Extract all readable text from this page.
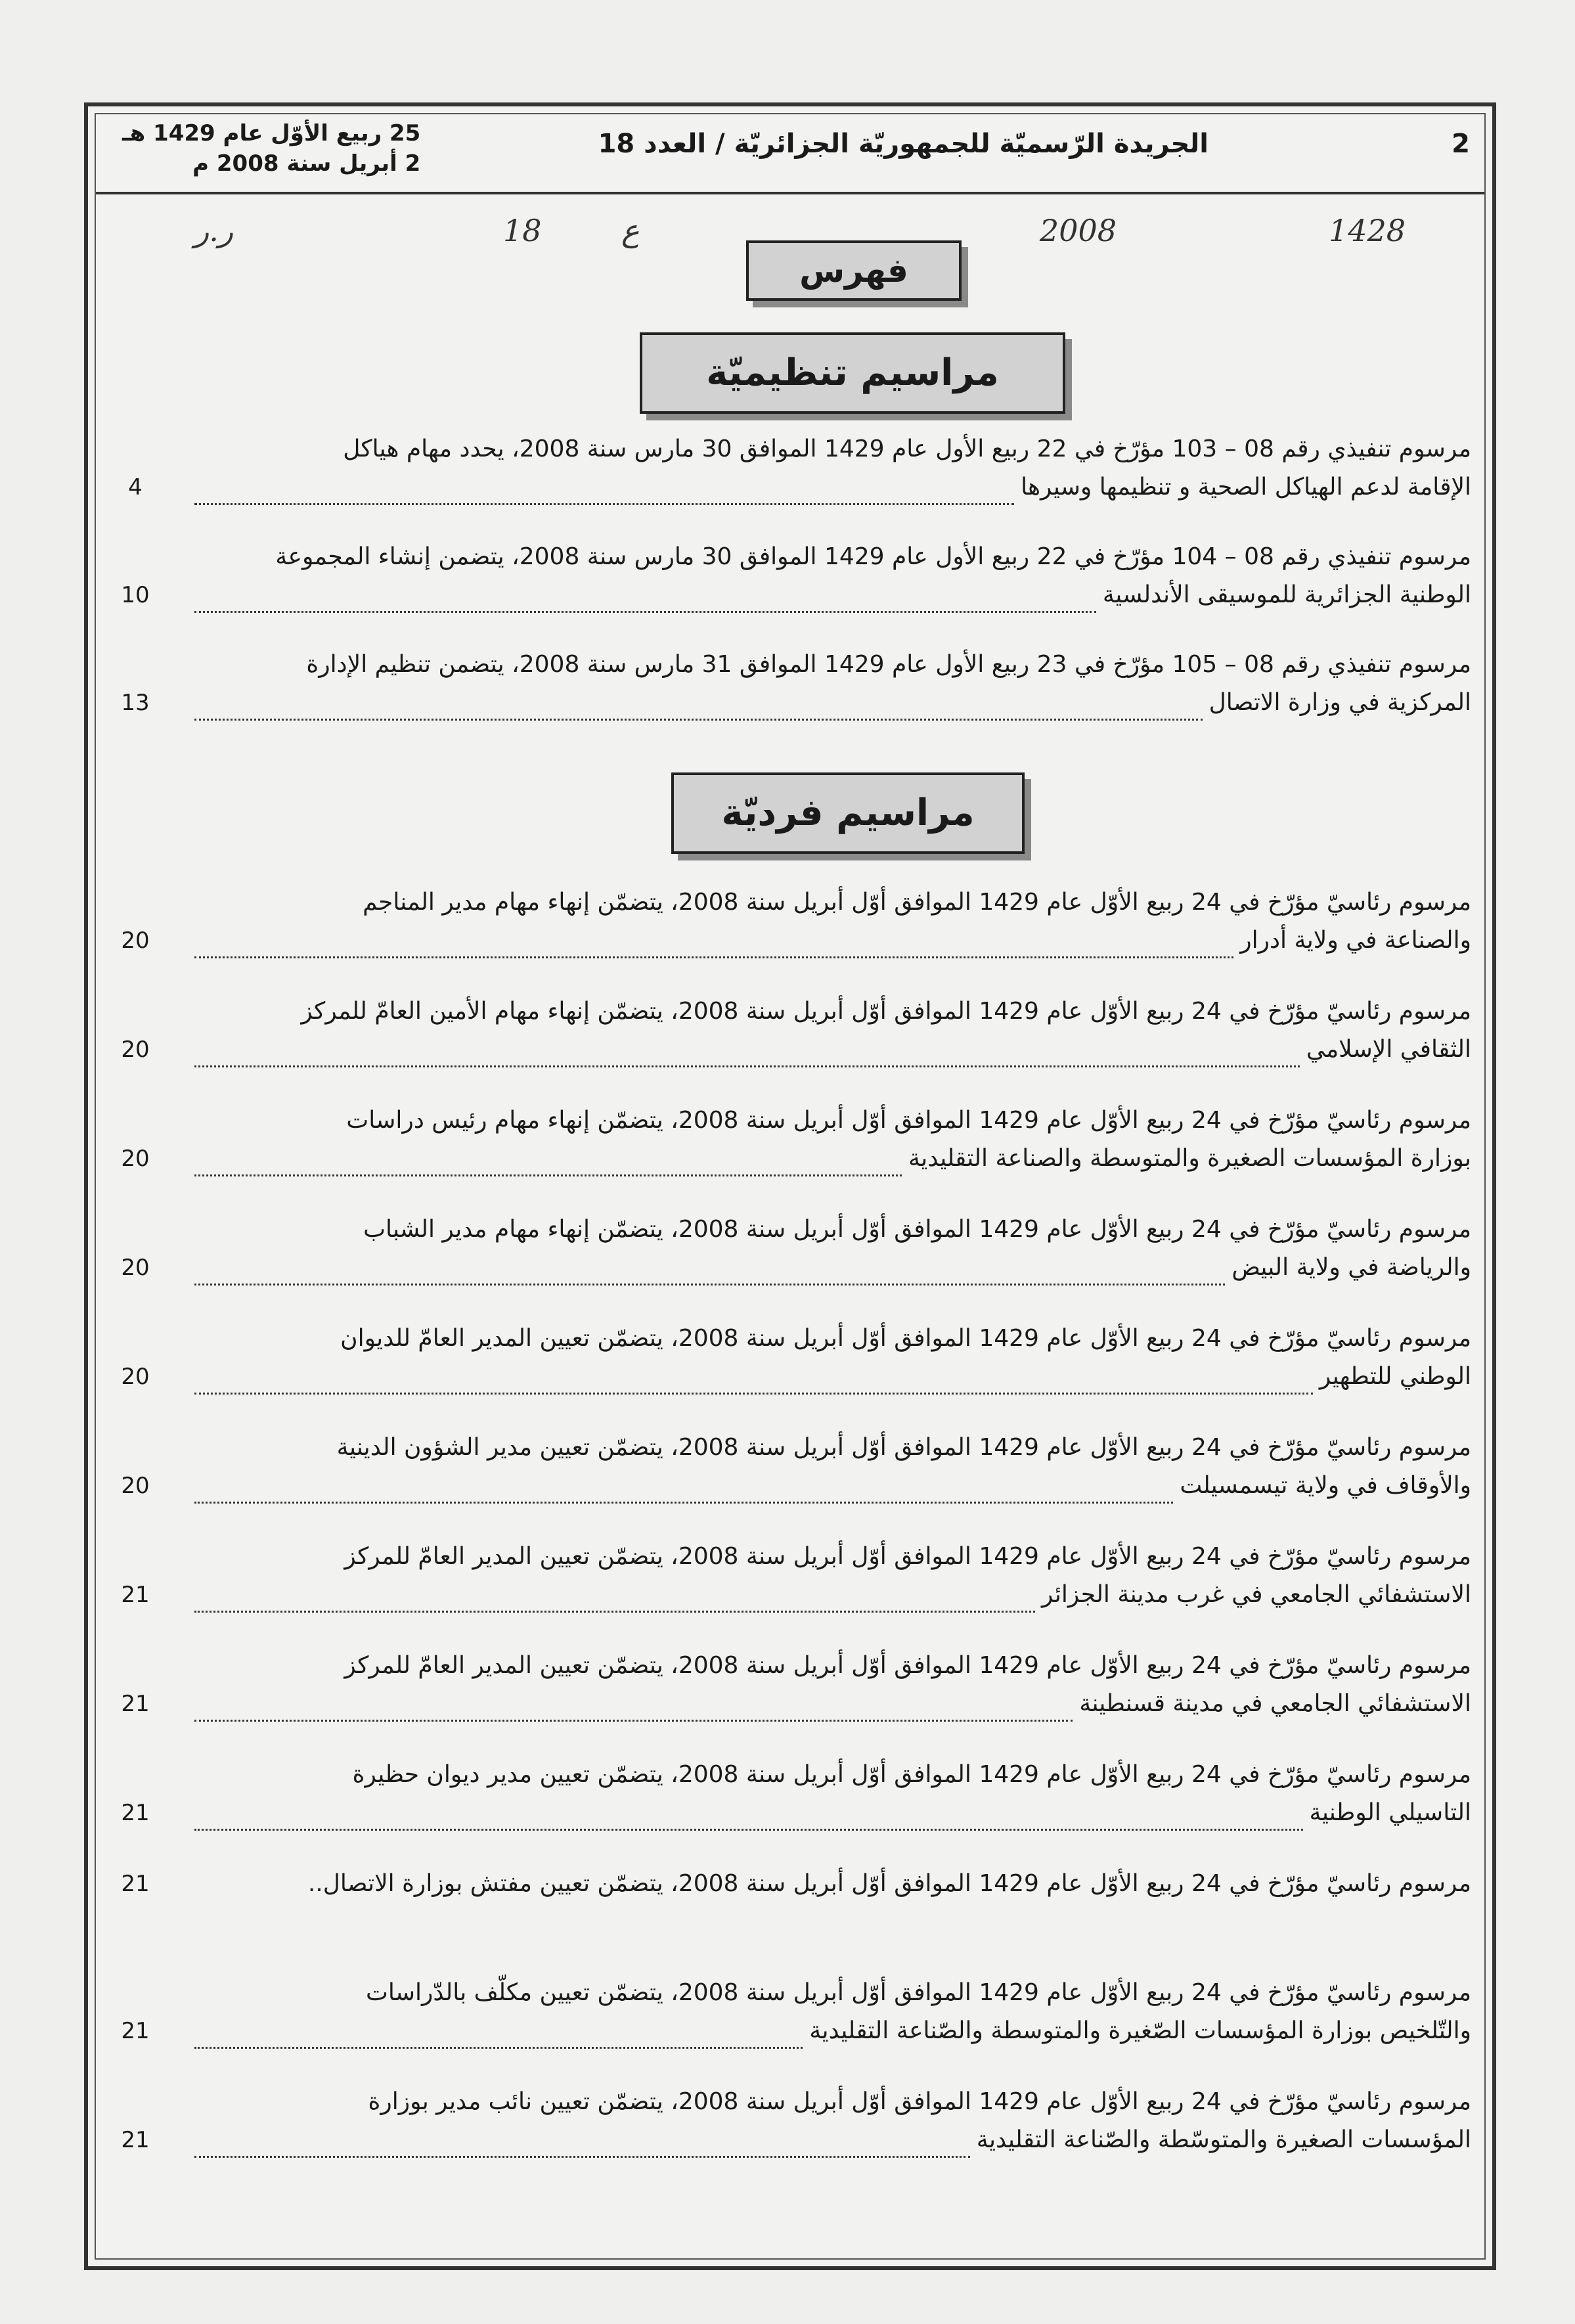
2
الجريدة الرّسميّة للجمهوريّة الجزائريّة / العدد 18
25 ربيع الأوّل عام 1429 هـ
2 أبريل سنة 2008 م
1428
2008
ع
18
ر.ر
فهرس
مراسيم تنظيميّة
مرسوم تنفيذي رقم 08 – 103 مؤرّخ في 22 ربيع الأول عام 1429 الموافق 30 مارس سنة 2008، يحدد مهام هياكل
4	الإقامة لدعم الهياكل الصحية و تنظيمها وسيرها
مرسوم تنفيذي رقم 08 – 104 مؤرّخ في 22 ربيع الأول عام 1429 الموافق 30 مارس سنة 2008، يتضمن إنشاء المجموعة
10	الوطنية الجزائرية للموسيقى الأندلسية
مرسوم تنفيذي رقم 08 – 105 مؤرّخ في 23 ربيع الأول عام 1429 الموافق 31 مارس سنة 2008، يتضمن تنظيم الإدارة
13	المركزية في وزارة الاتصال
مراسيم فرديّة
مرسوم رئاسيّ مؤرّخ في 24 ربيع الأوّل عام 1429 الموافق أوّل أبريل سنة 2008، يتضمّن إنهاء مهام مدير المناجم
20	والصناعة في ولاية أدرار
مرسوم رئاسيّ مؤرّخ في 24 ربيع الأوّل عام 1429 الموافق أوّل أبريل سنة 2008، يتضمّن إنهاء مهام الأمين العامّ للمركز
20	الثقافي الإسلامي
مرسوم رئاسيّ مؤرّخ في 24 ربيع الأوّل عام 1429 الموافق أوّل أبريل سنة 2008، يتضمّن إنهاء مهام رئيس دراسات
20	بوزارة المؤسسات الصغيرة والمتوسطة والصناعة التقليدية
مرسوم رئاسيّ مؤرّخ في 24 ربيع الأوّل عام 1429 الموافق أوّل أبريل سنة 2008، يتضمّن إنهاء مهام مدير الشباب
20	والرياضة في ولاية البيض
مرسوم رئاسيّ مؤرّخ في 24 ربيع الأوّل عام 1429 الموافق أوّل أبريل سنة 2008، يتضمّن تعيين المدير العامّ للديوان
20	الوطني للتطهير
مرسوم رئاسيّ مؤرّخ في 24 ربيع الأوّل عام 1429 الموافق أوّل أبريل سنة 2008، يتضمّن تعيين مدير الشؤون الدينية
20	والأوقاف في ولاية تيسمسيلت
مرسوم رئاسيّ مؤرّخ في 24 ربيع الأوّل عام 1429 الموافق أوّل أبريل سنة 2008، يتضمّن تعيين المدير العامّ للمركز
21	الاستشفائي الجامعي في غرب مدينة الجزائر
مرسوم رئاسيّ مؤرّخ في 24 ربيع الأوّل عام 1429 الموافق أوّل أبريل سنة 2008، يتضمّن تعيين المدير العامّ للمركز
21	الاستشفائي الجامعي في مدينة قسنطينة
مرسوم رئاسيّ مؤرّخ في 24 ربيع الأوّل عام 1429 الموافق أوّل أبريل سنة 2008، يتضمّن تعيين مدير ديوان حظيرة
21	التاسيلي الوطنية
مرسوم رئاسيّ مؤرّخ في 24 ربيع الأوّل عام 1429 الموافق أوّل أبريل سنة 2008، يتضمّن تعيين مفتش بوزارة الاتصال..
21
مرسوم رئاسيّ مؤرّخ في 24 ربيع الأوّل عام 1429 الموافق أوّل أبريل سنة 2008، يتضمّن تعيين مكلّف بالدّراسات
21	والتّلخيص بوزارة المؤسسات الصّغيرة والمتوسطة والصّناعة التقليدية
مرسوم رئاسيّ مؤرّخ في 24 ربيع الأوّل عام 1429 الموافق أوّل أبريل سنة 2008، يتضمّن تعيين نائب مدير بوزارة
21	المؤسسات الصغيرة والمتوسّطة والصّناعة التقليدية
